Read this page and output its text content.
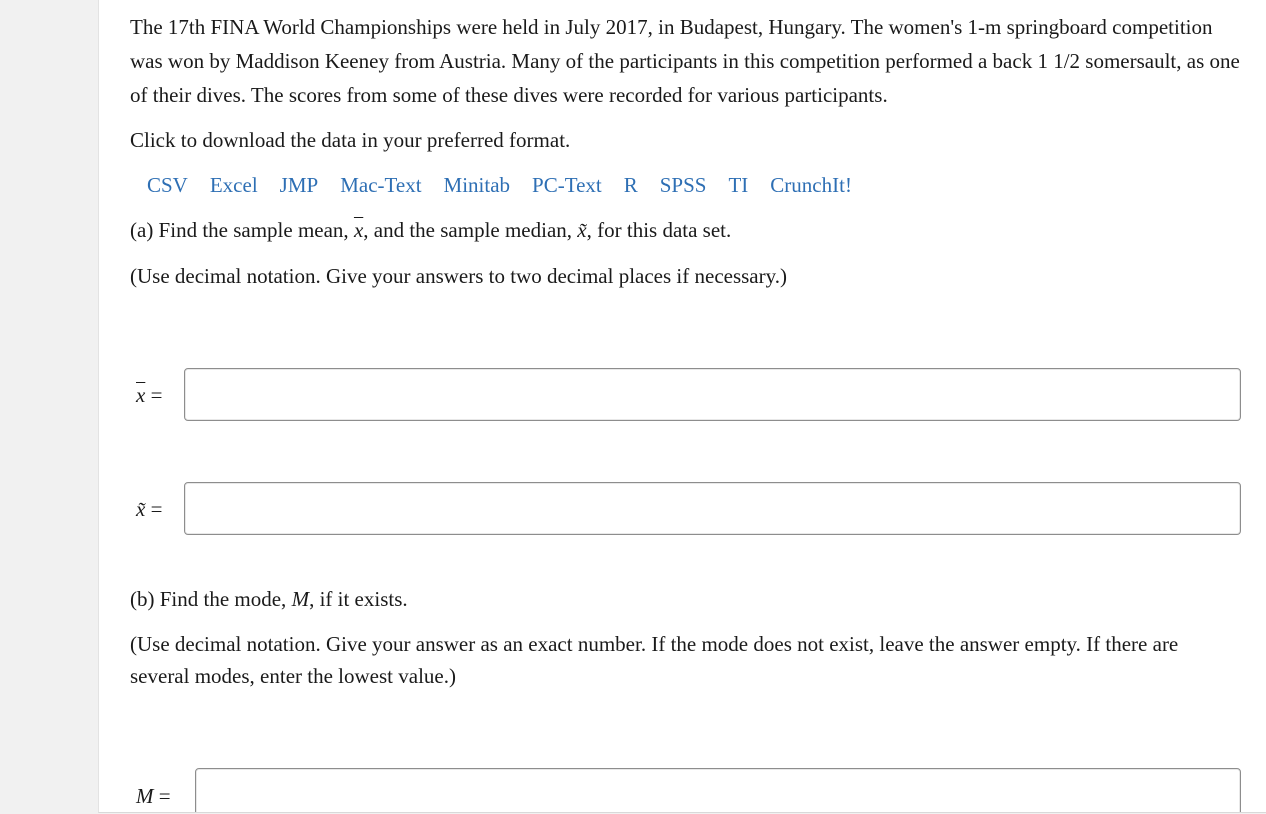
The 17th FINA World Championships were held in July 2017, in Budapest, Hungary. The women's 1-m springboard competition was won by Maddison Keeney from Austria. Many of the participants in this competition performed a back 1 1/2 somersault, as one of their dives. The scores from some of these dives were recorded for various participants.

Click to download the data in your preferred format.

CSV Excel JMP Mac-Text Minitab PC-Text R SPSS TI CrunchIt!

(a) Find the sample mean, $\overline{x}$, and the sample median, x̃, for this data set.

(Use decimal notation. Give your answers to two decimal places if necessary.)

$\overline{x}$ =
x̃ =

(b) Find the mode, M, if it exists.

(Use decimal notation. Give your answer as an exact number. If the mode does not exist, leave the answer empty. If there are several modes, enter the lowest value.)

M =
